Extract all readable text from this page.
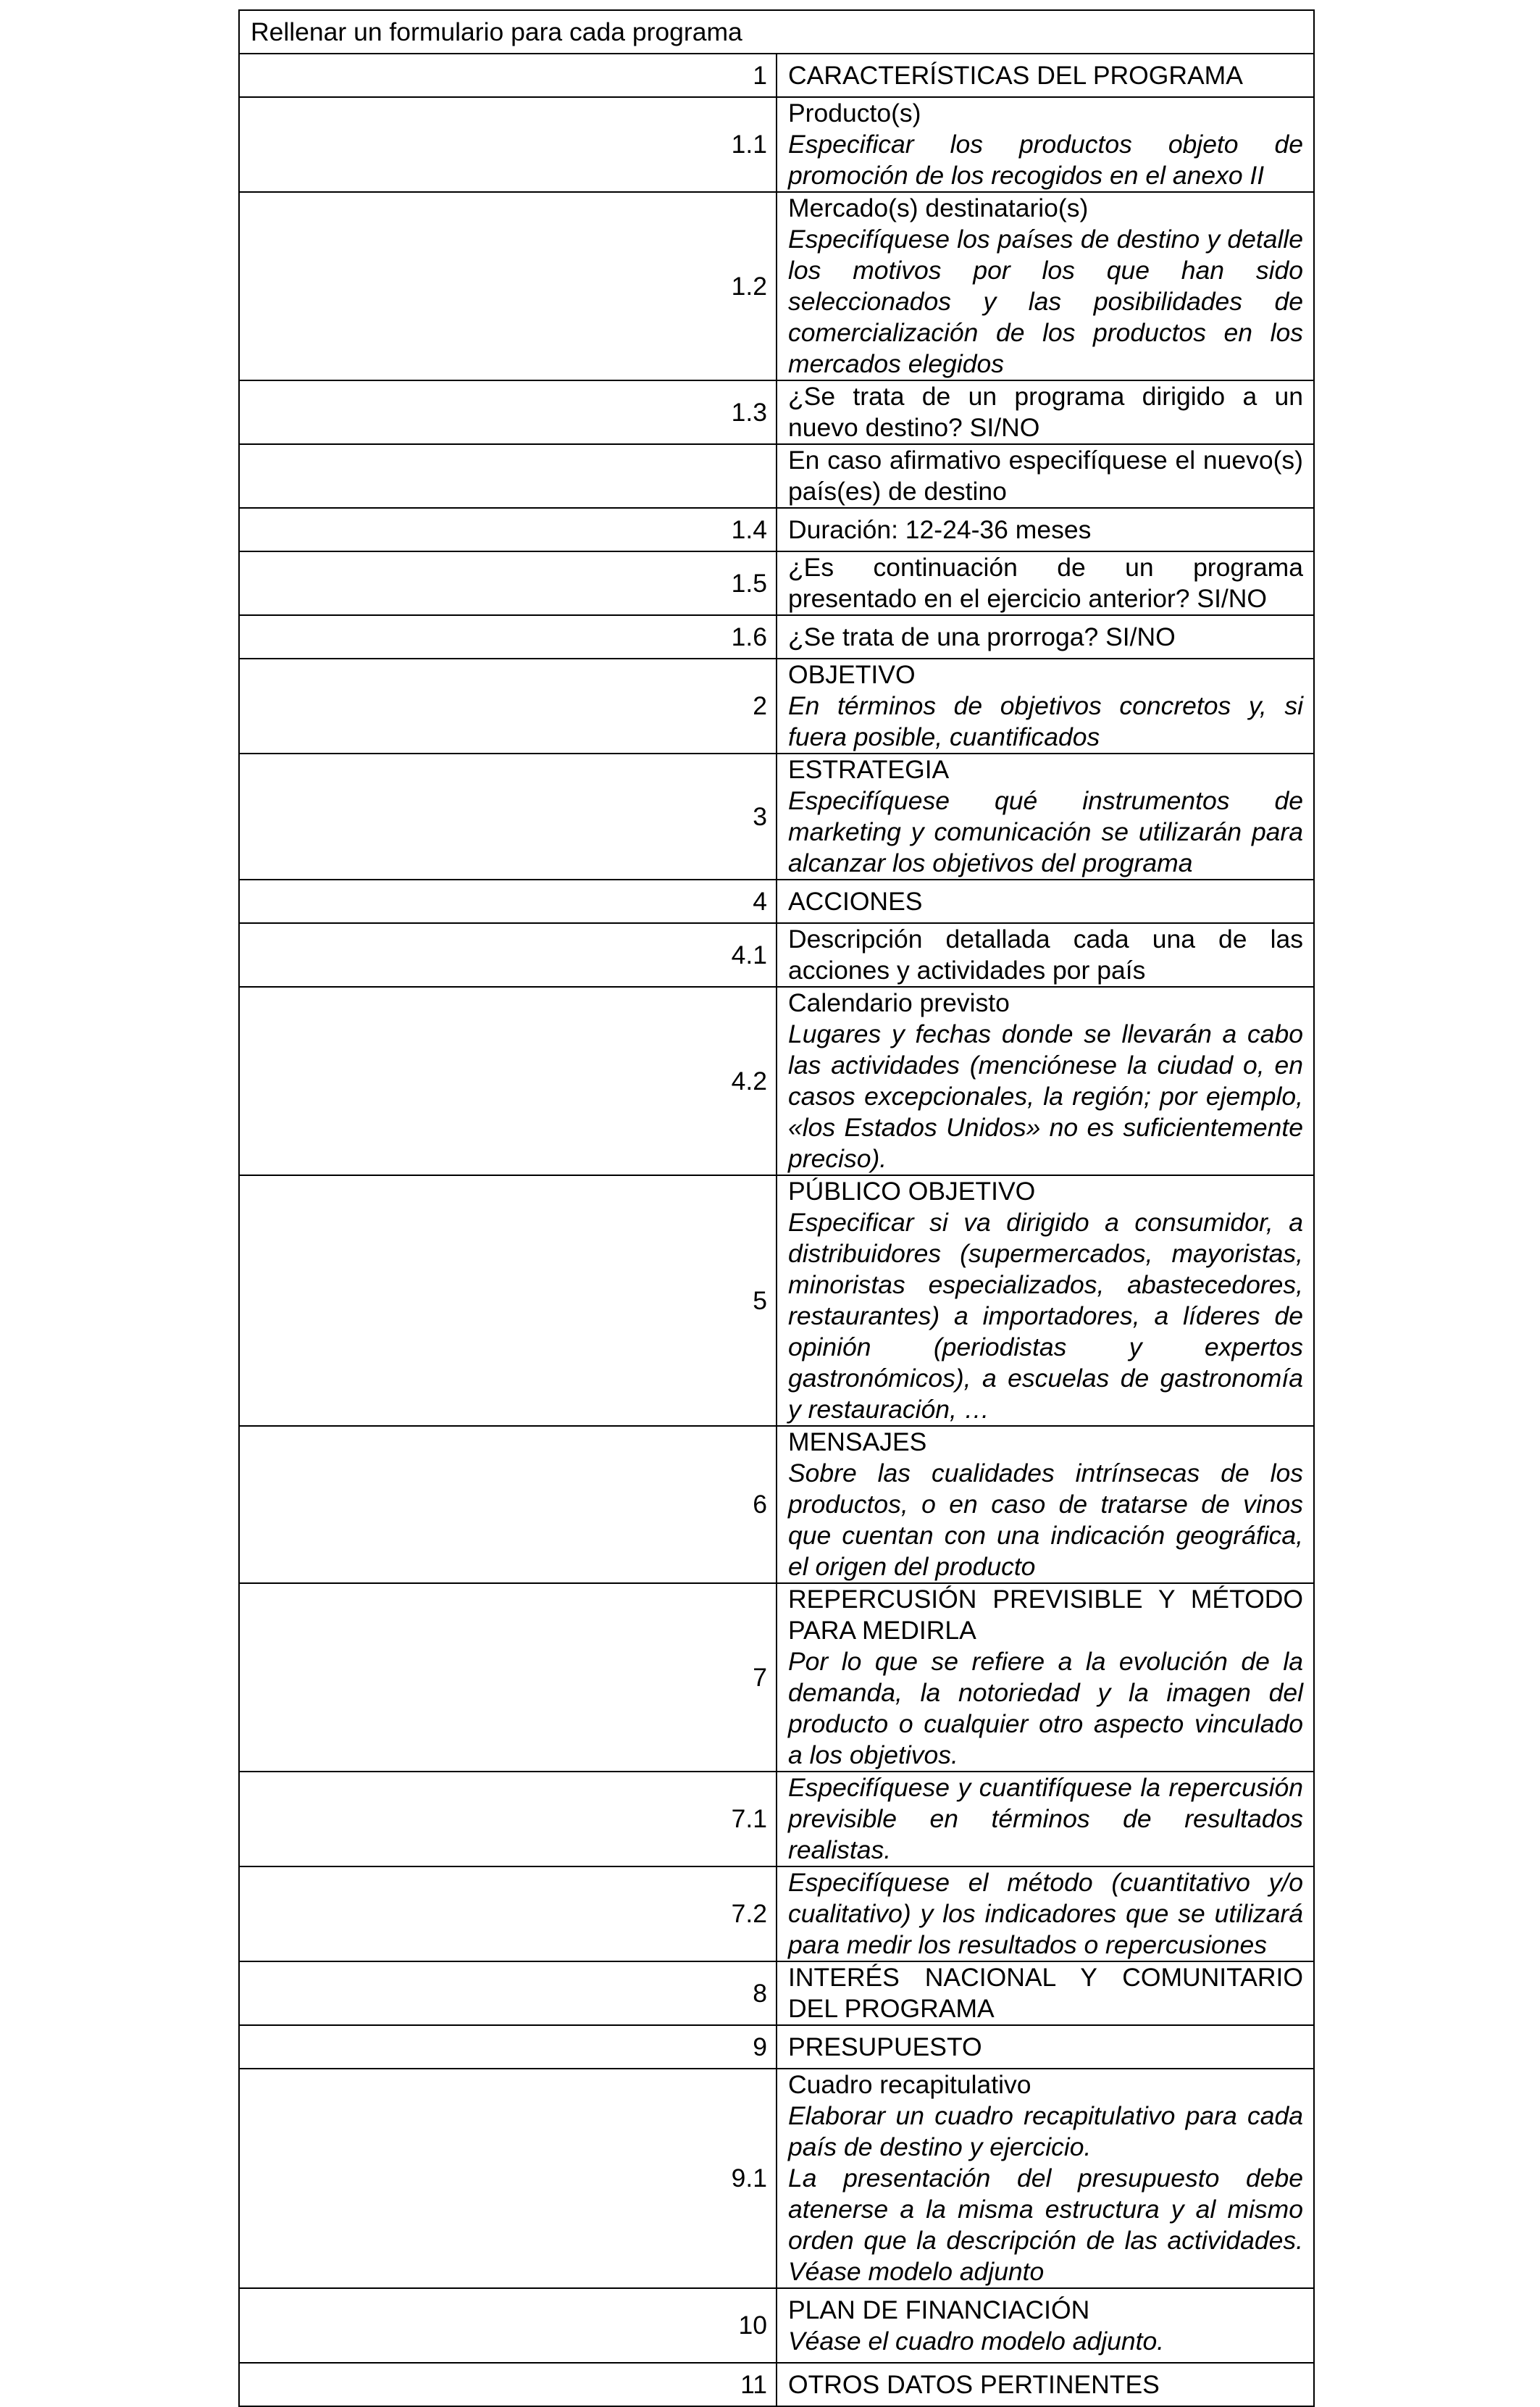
Rellenar un formulario para cada programa	
1	CARACTERÍSTICAS DEL PROGRAMA

1.1	Producto(s)
Especificar los productos objeto de promoción de los recogidos en el anexo II

1.2	Mercado(s) destinatario(s)
Especifíquese los países de destino y detalle los motivos por los que han sido seleccionados y las posibilidades de comercialización de los productos en los mercados elegidos

1.3	¿Se trata de un programa dirigido a un nuevo destino? SI/NO

	En caso afirmativo especifíquese el nuevo(s) país(es) de destino

1.4	Duración: 12-24-36 meses

1.5	¿Es continuación de un programa presentado en el ejercicio anterior? SI/NO

1.6	¿Se trata de una prorroga? SI/NO

2	OBJETIVO
En términos de objetivos concretos y, si fuera posible, cuantificados

3	ESTRATEGIA
Especifíquese qué instrumentos de marketing y comunicación se utilizarán para alcanzar los objetivos del programa

4	ACCIONES

4.1	Descripción detallada cada una de las acciones y actividades por país

4.2	Calendario previsto
Lugares y fechas donde se llevarán a cabo las actividades (menciónese la ciudad o, en casos excepcionales, la región; por ejemplo, «los Estados Unidos» no es suficientemente preciso).

5	PÚBLICO OBJETIVO
Especificar si va dirigido a consumidor, a distribuidores (supermercados, mayoristas, minoristas especializados, abastecedores, restaurantes) a importadores, a líderes de opinión (periodistas y expertos gastronómicos), a escuelas de gastronomía y restauración, …

6	MENSAJES
Sobre las cualidades intrínsecas de los productos, o en caso de tratarse de vinos que cuentan con una indicación geográfica, el origen del producto

7	REPERCUSIÓN PREVISIBLE Y MÉTODO PARA MEDIRLA
Por lo que se refiere a la evolución de la demanda, la notoriedad y la imagen del producto o cualquier otro aspecto vinculado a los objetivos.

7.1	Especifíquese y cuantifíquese la repercusión previsible en términos de resultados realistas.

7.2	Especifíquese el método (cuantitativo y/o cualitativo) y los indicadores que se utilizará para medir los resultados o repercusiones

8	INTERÉS NACIONAL Y COMUNITARIO DEL PROGRAMA

9	PRESUPUESTO

9.1	Cuadro recapitulativo
Elaborar un cuadro recapitulativo para cada país de destino y ejercicio.
La presentación del presupuesto debe atenerse a la misma estructura y al mismo orden que la descripción de las actividades. Véase modelo adjunto

10	PLAN DE FINANCIACIÓN
Véase el cuadro modelo adjunto.

11	OTROS DATOS PERTINENTES
